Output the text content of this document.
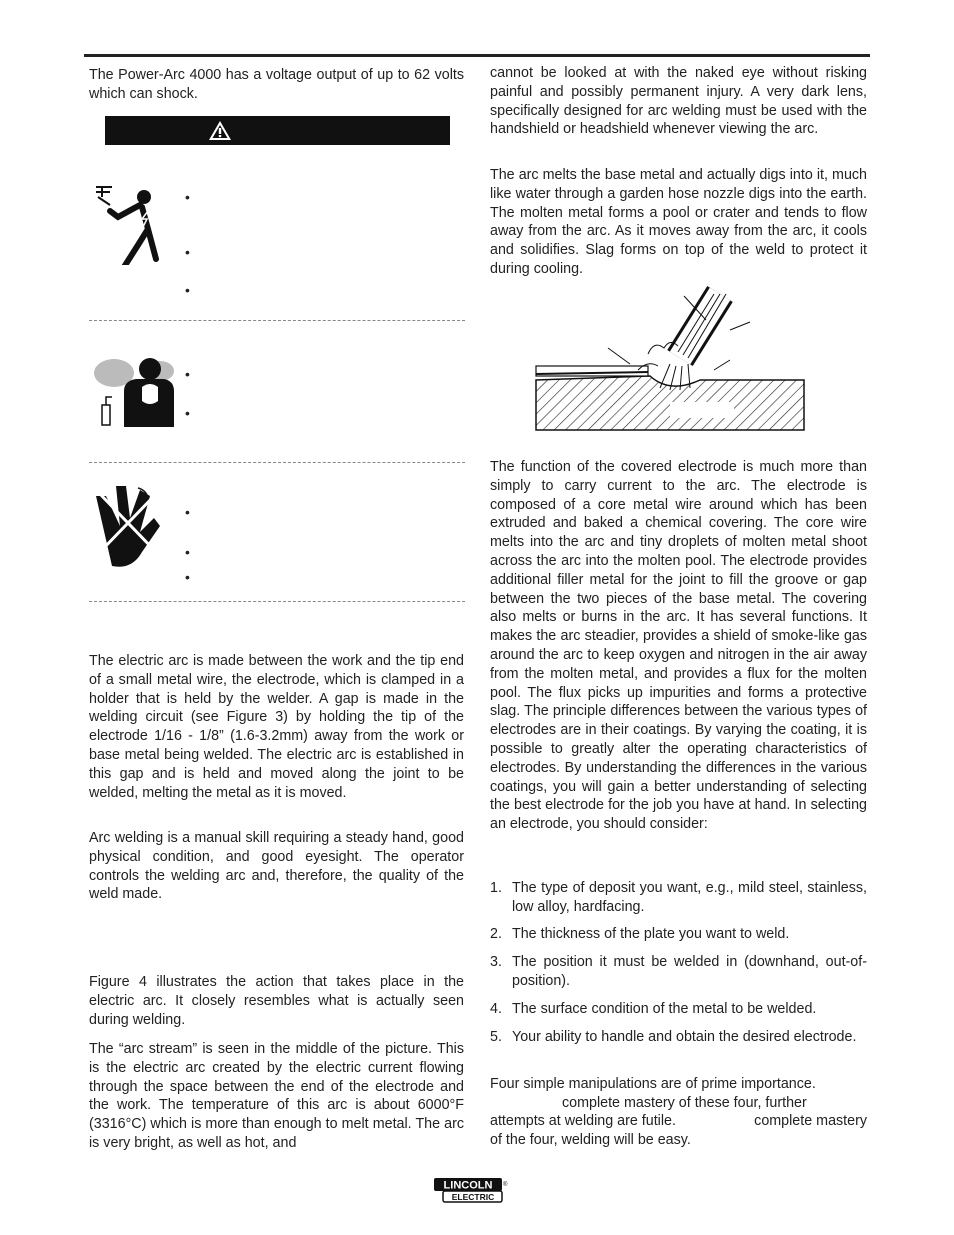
The Power-Arc 4000 has a voltage output of up to 62 volts which can shock.

•
•
•
•
•
•
•
•

The electric arc is made between the work and the tip end of a small metal wire, the electrode, which is clamped in a holder that is held by the welder. A gap is made in the welding circuit (see Figure 3) by holding the tip of the electrode 1/16 - 1/8” (1.6-3.2mm) away from the work or base metal being welded. The electric arc is established in this gap and is held and moved along the joint to be welded, melting the metal as it is moved.

Arc welding is a manual skill requiring a steady hand, good physical condition, and good eyesight. The operator controls the welding arc and, therefore, the quality of the weld made.

Figure 4 illustrates the action that takes place in the electric arc. It closely resembles what is actually seen during welding.

The “arc stream” is seen in the middle of the picture. This is the electric arc created by the electric current flowing through the space between the end of the electrode and the work. The temperature of this arc is about 6000°F (3316°C) which is more than enough to melt metal. The arc is very bright, as well as hot, and

cannot be looked at with the naked eye without risking painful and possibly permanent injury. A very dark lens, specifically designed for arc welding must be used with the handshield or headshield whenever viewing the arc.

The arc melts the base metal and actually digs into it, much like water through a garden hose nozzle digs into the earth. The molten metal forms a pool or crater and tends to flow away from the arc. As it moves away from the arc, it cools and solidifies. Slag forms on top of the weld to protect it during cooling.

The function of the covered electrode is much more than simply to carry current to the arc. The electrode is composed of a core metal wire around which has been extruded and baked a chemical covering. The core wire melts into the arc and tiny droplets of molten metal shoot across the arc into the molten pool. The electrode provides additional filler metal for the joint to fill the groove or gap between the two pieces of the base metal. The covering also melts or burns in the arc. It has several functions. It makes the arc steadier, provides a shield of smoke-like gas around the arc to keep oxygen and nitrogen in the air away from the molten metal, and provides a flux for the molten pool. The flux picks up impurities and forms a protective slag. The principle differences between the various types of electrodes are in their coatings. By varying the coating, it is possible to greatly alter the operating characteristics of electrodes. By understanding the differences in the various coatings, you will gain a better understanding of selecting the best electrode for the job you have at hand. In selecting an electrode, you should consider:

1. The type of deposit you want, e.g., mild steel, stainless, low alloy, hardfacing.
2. The thickness of the plate you want to weld.
3. The position it must be welded in (downhand, out-of-position).
4. The surface condition of the metal to be welded.
5. Your ability to handle and obtain the desired electrode.

Four simple manipulations are of prime importance.

complete mastery of these four, further

attempts at welding are futile.	complete mastery

of the four, welding will be easy.

LINCOLN
ELECTRIC
®
